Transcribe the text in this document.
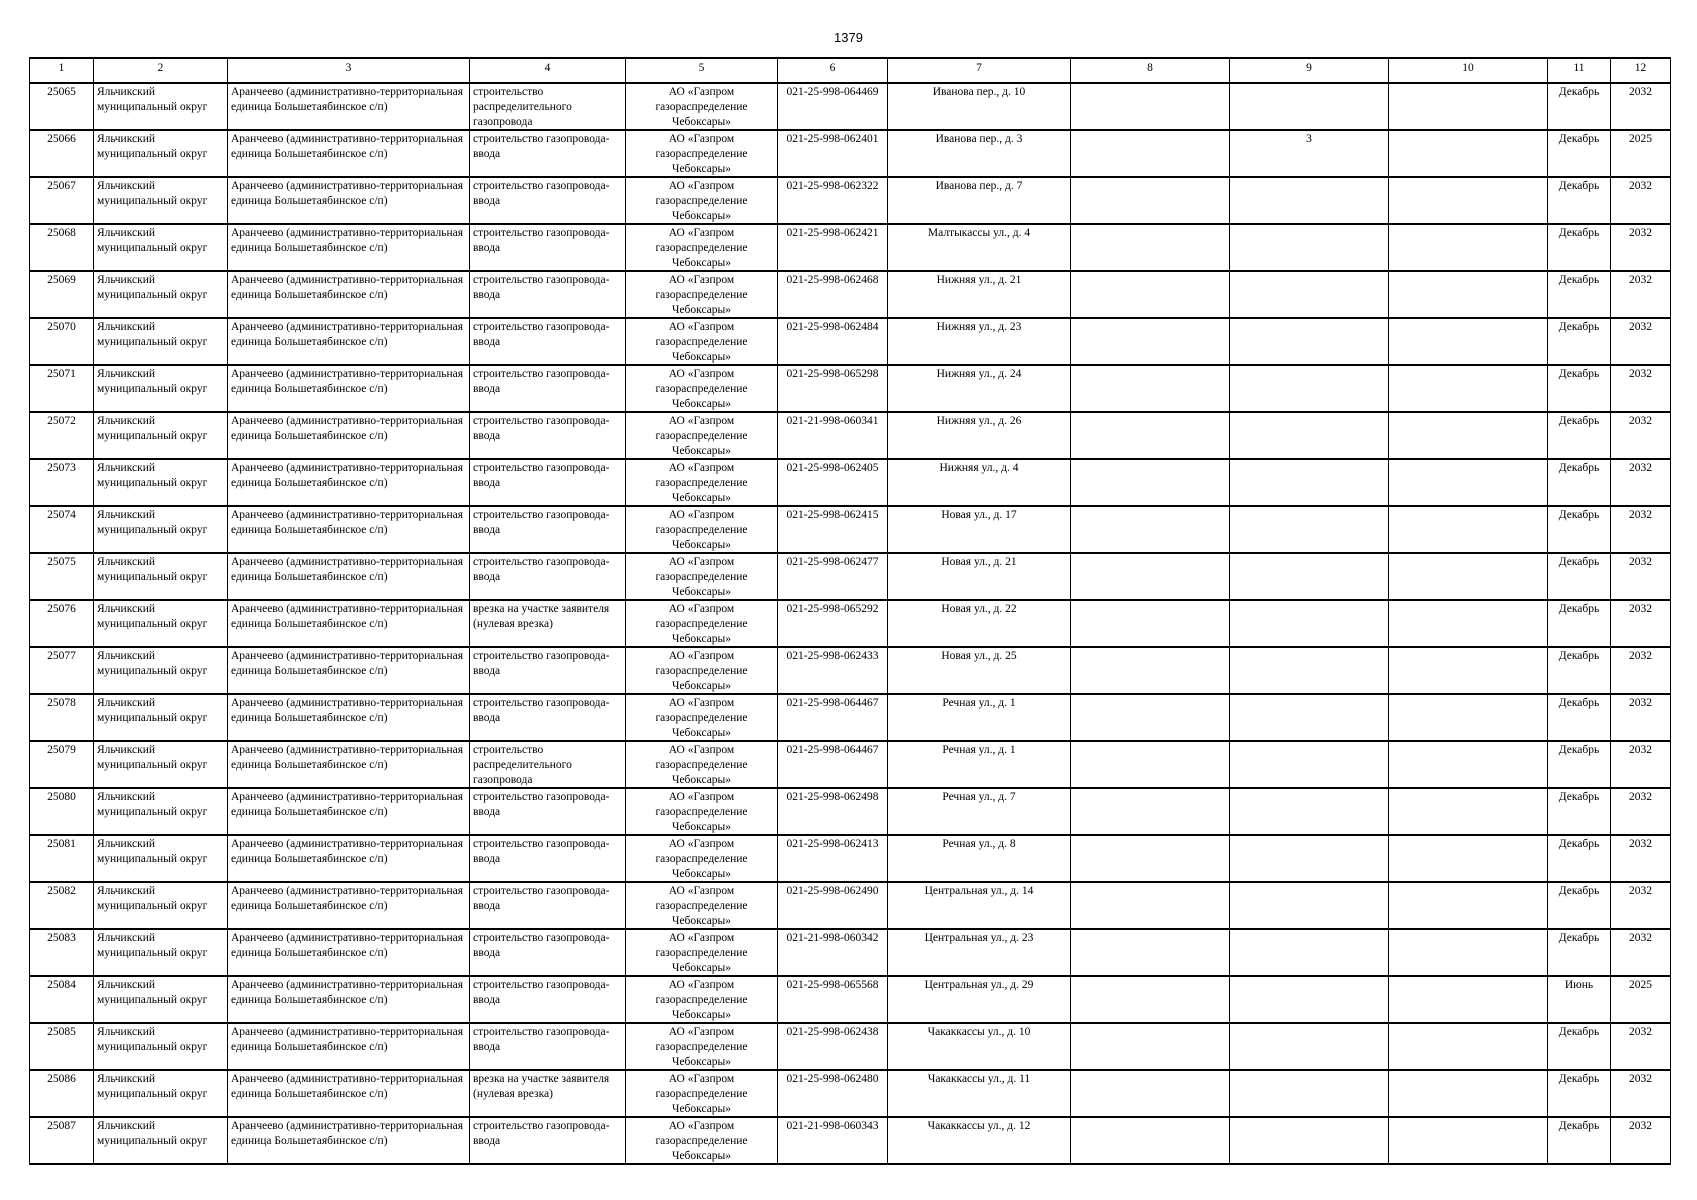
1379
1	2	3	4	5	6	7	8	9	10	11	12

25065	Яльчикский муниципальный округ	Аранчеево (административно-территориальная единица Большетаябинское с/п)	строительство распределительного газопровода	АО «Газпром газораспределение Чебоксары»	021-25-998-064469	Иванова пер., д. 10				Декабрь	2032

25066	Яльчикский муниципальный округ	Аранчеево (административно-территориальная единица Большетаябинское с/п)	строительство газопровода-ввода	АО «Газпром газораспределение Чебоксары»	021-25-998-062401	Иванова пер., д. 3		3		Декабрь	2025

25067	Яльчикский муниципальный округ	Аранчеево (административно-территориальная единица Большетаябинское с/п)	строительство газопровода-ввода	АО «Газпром газораспределение Чебоксары»	021-25-998-062322	Иванова пер., д. 7				Декабрь	2032

25068	Яльчикский муниципальный округ	Аранчеево (административно-территориальная единица Большетаябинское с/п)	строительство газопровода-ввода	АО «Газпром газораспределение Чебоксары»	021-25-998-062421	Малтыкассы ул., д. 4				Декабрь	2032

25069	Яльчикский муниципальный округ	Аранчеево (административно-территориальная единица Большетаябинское с/п)	строительство газопровода-ввода	АО «Газпром газораспределение Чебоксары»	021-25-998-062468	Нижняя ул., д. 21				Декабрь	2032

25070	Яльчикский муниципальный округ	Аранчеево (административно-территориальная единица Большетаябинское с/п)	строительство газопровода-ввода	АО «Газпром газораспределение Чебоксары»	021-25-998-062484	Нижняя ул., д. 23				Декабрь	2032

25071	Яльчикский муниципальный округ	Аранчеево (административно-территориальная единица Большетаябинское с/п)	строительство газопровода-ввода	АО «Газпром газораспределение Чебоксары»	021-25-998-065298	Нижняя ул., д. 24				Декабрь	2032

25072	Яльчикский муниципальный округ	Аранчеево (административно-территориальная единица Большетаябинское с/п)	строительство газопровода-ввода	АО «Газпром газораспределение Чебоксары»	021-21-998-060341	Нижняя ул., д. 26				Декабрь	2032

25073	Яльчикский муниципальный округ	Аранчеево (административно-территориальная единица Большетаябинское с/п)	строительство газопровода-ввода	АО «Газпром газораспределение Чебоксары»	021-25-998-062405	Нижняя ул., д. 4				Декабрь	2032

25074	Яльчикский муниципальный округ	Аранчеево (административно-территориальная единица Большетаябинское с/п)	строительство газопровода-ввода	АО «Газпром газораспределение Чебоксары»	021-25-998-062415	Новая ул., д. 17				Декабрь	2032

25075	Яльчикский муниципальный округ	Аранчеево (административно-территориальная единица Большетаябинское с/п)	строительство газопровода-ввода	АО «Газпром газораспределение Чебоксары»	021-25-998-062477	Новая ул., д. 21				Декабрь	2032

25076	Яльчикский муниципальный округ	Аранчеево (административно-территориальная единица Большетаябинское с/п)	врезка на участке заявителя (нулевая врезка)	АО «Газпром газораспределение Чебоксары»	021-25-998-065292	Новая ул., д. 22				Декабрь	2032

25077	Яльчикский муниципальный округ	Аранчеево (административно-территориальная единица Большетаябинское с/п)	строительство газопровода-ввода	АО «Газпром газораспределение Чебоксары»	021-25-998-062433	Новая ул., д. 25				Декабрь	2032

25078	Яльчикский муниципальный округ	Аранчеево (административно-территориальная единица Большетаябинское с/п)	строительство газопровода-ввода	АО «Газпром газораспределение Чебоксары»	021-25-998-064467	Речная ул., д. 1				Декабрь	2032

25079	Яльчикский муниципальный округ	Аранчеево (административно-территориальная единица Большетаябинское с/п)	строительство распределительного газопровода	АО «Газпром газораспределение Чебоксары»	021-25-998-064467	Речная ул., д. 1				Декабрь	2032

25080	Яльчикский муниципальный округ	Аранчеево (административно-территориальная единица Большетаябинское с/п)	строительство газопровода-ввода	АО «Газпром газораспределение Чебоксары»	021-25-998-062498	Речная ул., д. 7				Декабрь	2032

25081	Яльчикский муниципальный округ	Аранчеево (административно-территориальная единица Большетаябинское с/п)	строительство газопровода-ввода	АО «Газпром газораспределение Чебоксары»	021-25-998-062413	Речная ул., д. 8				Декабрь	2032

25082	Яльчикский муниципальный округ	Аранчеево (административно-территориальная единица Большетаябинское с/п)	строительство газопровода-ввода	АО «Газпром газораспределение Чебоксары»	021-25-998-062490	Центральная ул., д. 14				Декабрь	2032

25083	Яльчикский муниципальный округ	Аранчеево (административно-территориальная единица Большетаябинское с/п)	строительство газопровода-ввода	АО «Газпром газораспределение Чебоксары»	021-21-998-060342	Центральная ул., д. 23				Декабрь	2032

25084	Яльчикский муниципальный округ	Аранчеево (административно-территориальная единица Большетаябинское с/п)	строительство газопровода-ввода	АО «Газпром газораспределение Чебоксары»	021-25-998-065568	Центральная ул., д. 29				Июнь	2025

25085	Яльчикский муниципальный округ	Аранчеево (административно-территориальная единица Большетаябинское с/п)	строительство газопровода-ввода	АО «Газпром газораспределение Чебоксары»	021-25-998-062438	Чакаккассы ул., д. 10				Декабрь	2032

25086	Яльчикский муниципальный округ	Аранчеево (административно-территориальная единица Большетаябинское с/п)	врезка на участке заявителя (нулевая врезка)	АО «Газпром газораспределение Чебоксары»	021-25-998-062480	Чакаккассы ул., д. 11				Декабрь	2032

25087	Яльчикский муниципальный округ	Аранчеево (административно-территориальная единица Большетаябинское с/п)	строительство газопровода-ввода	АО «Газпром газораспределение Чебоксары»	021-21-998-060343	Чакаккассы ул., д. 12				Декабрь	2032
